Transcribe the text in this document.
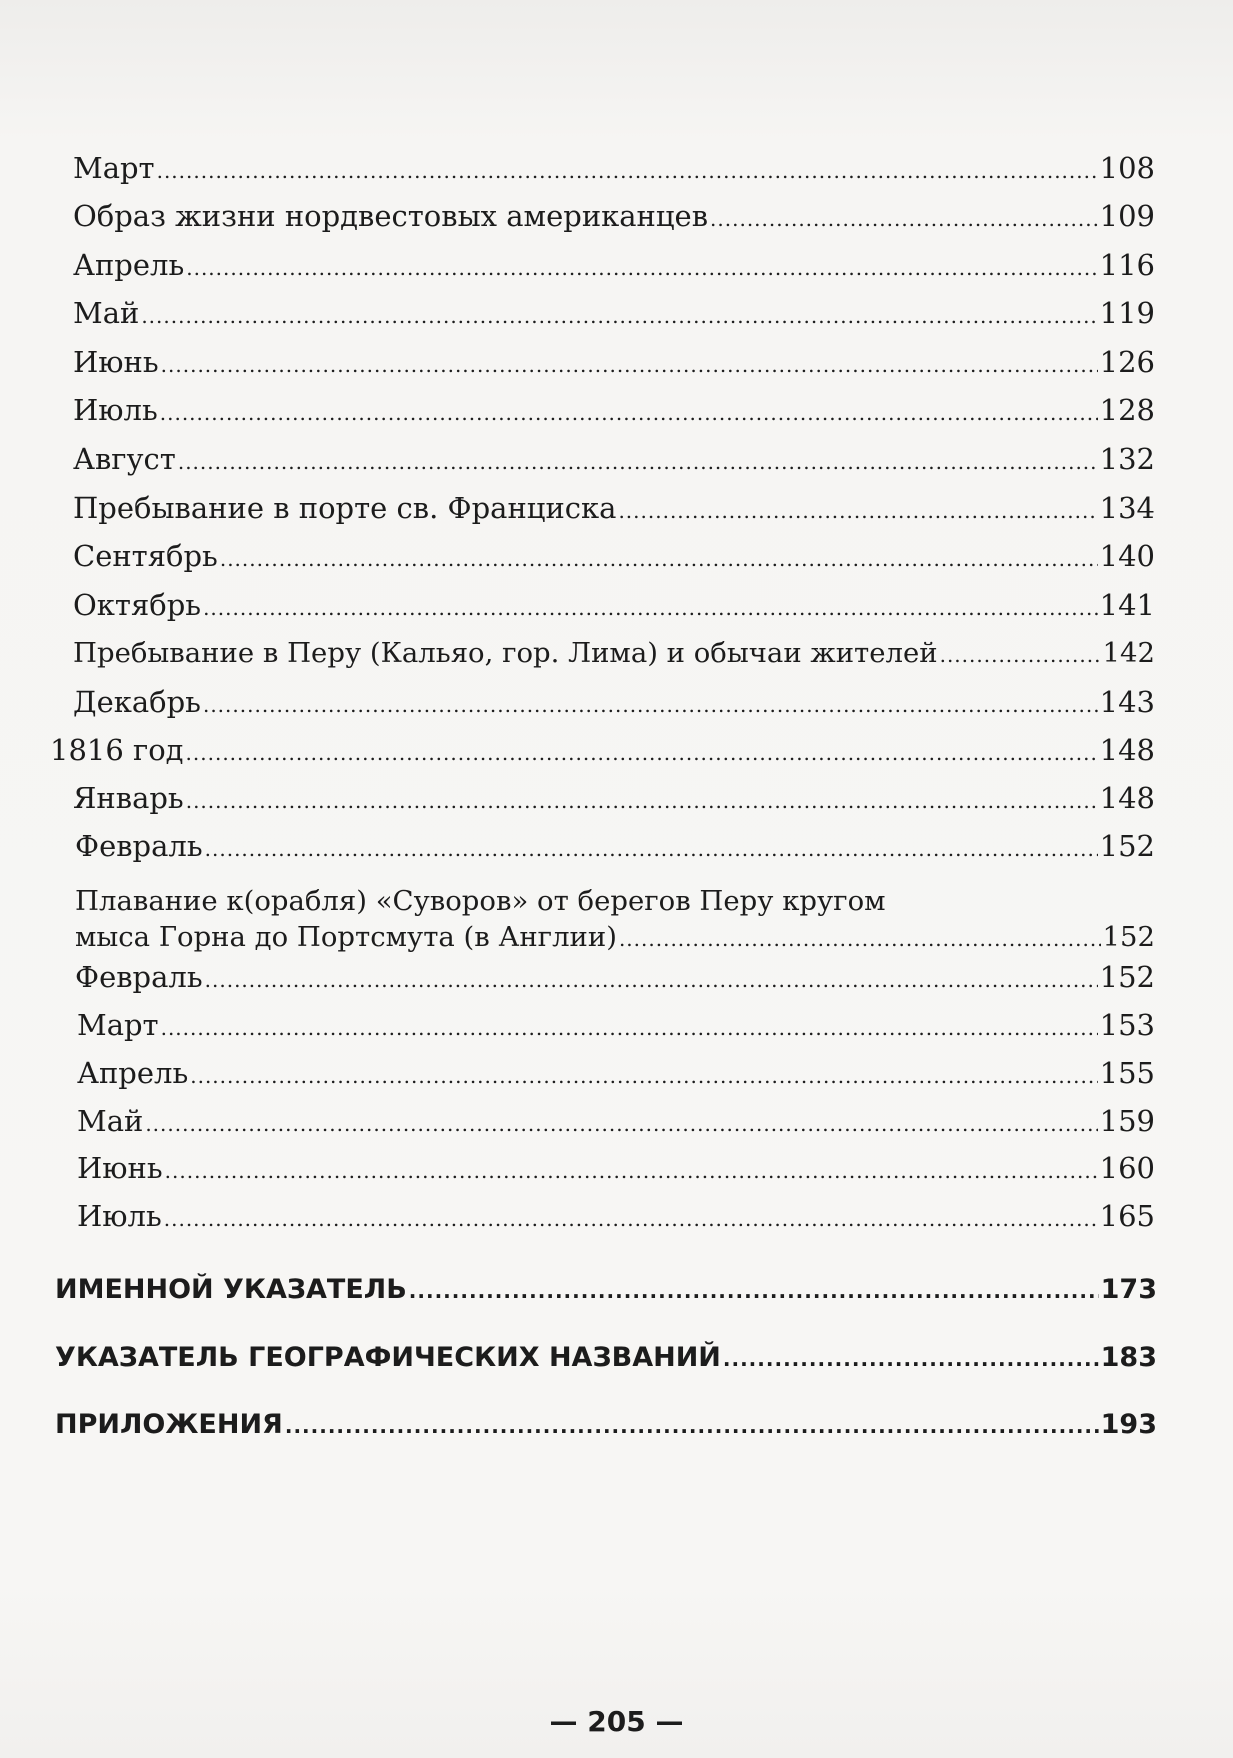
Март .....	108
Образ жизни нордвестовых американцев .....	109
Апрель .....	116
Май .....	119
Июнь .....	126
Июль .....	128
Август .....	132
Пребывание в порте св. Франциска .....	134
Сентябрь .....	140
Октябрь .....	141
Пребывание в Перу (Кальяо, гор. Лима) и обычаи жителей .....	142
Декабрь .....	143
1816 год .....	148
Январь .....	148
Февраль .....	152
Плавание к(орабля) «Суворов» от берегов Перу кругом
мыса Горна до Портсмута (в Англии) .....	152
Февраль .....	152
Март .....	153
Апрель .....	155
Май .....	159
Июнь .....	160
Июль .....	165
ИМЕННОЙ УКАЗАТЕЛЬ .....	173
УКАЗАТЕЛЬ ГЕОГРАФИЧЕСКИХ НАЗВАНИЙ .....	183
ПРИЛОЖЕНИЯ .....	193
— 205 —
